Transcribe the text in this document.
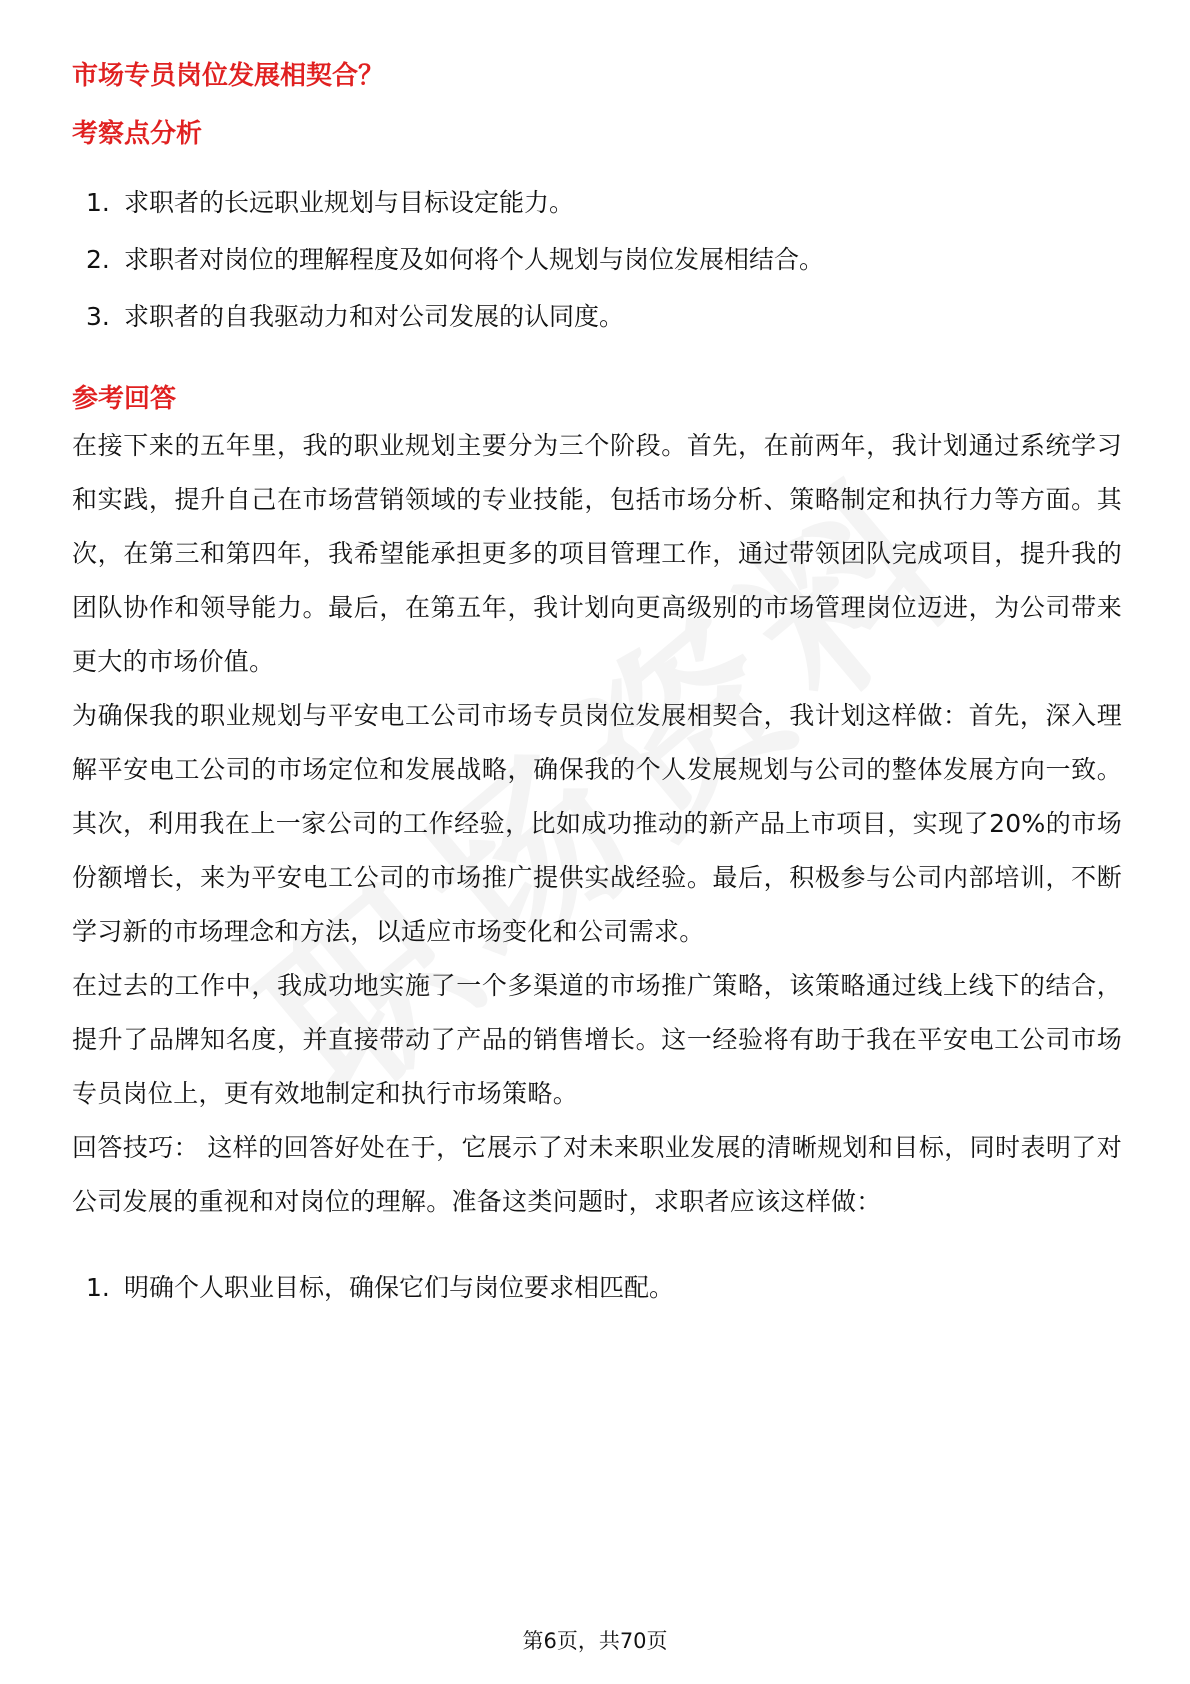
市场专员岗位发展相契合？
考察点分析
1. 求职者的长远职业规划与目标设定能力。
2. 求职者对岗位的理解程度及如何将个人规划与岗位发展相结合。
3. 求职者的自我驱动力和对公司发展的认同度。
参考回答

在接下来的五年里，我的职业规划主要分为三个阶段。首先，在前两年，我计划通过系统学习和实践，提升自己在市场营销领域的专业技能，包括市场分析、策略制定和执行力等方面。其次，在第三和第四年，我希望能承担更多的项目管理工作，通过带领团队完成项目，提升我的团队协作和领导能力。最后，在第五年，我计划向更高级别的市场管理岗位迈进，为公司带来更大的市场价值。

为确保我的职业规划与平安电工公司市场专员岗位发展相契合，我计划这样做：首先，深入理解平安电工公司的市场定位和发展战略，确保我的个人发展规划与公司的整体发展方向一致。其次，利用我在上一家公司的工作经验，比如成功推动的新产品上市项目，实现了20%的市场份额增长，来为平安电工公司的市场推广提供实战经验。最后，积极参与公司内部培训，不断学习新的市场理念和方法，以适应市场变化和公司需求。

在过去的工作中，我成功地实施了一个多渠道的市场推广策略，该策略通过线上线下的结合，提升了品牌知名度，并直接带动了产品的销售增长。这一经验将有助于我在平安电工公司市场专员岗位上，更有效地制定和执行市场策略。

回答技巧： 这样的回答好处在于，它展示了对未来职业发展的清晰规划和目标，同时表明了对公司发展的重视和对岗位的理解。准备这类问题时，求职者应该这样做：

1. 明确个人职业目标，确保它们与岗位要求相匹配。
第6页，共70页
